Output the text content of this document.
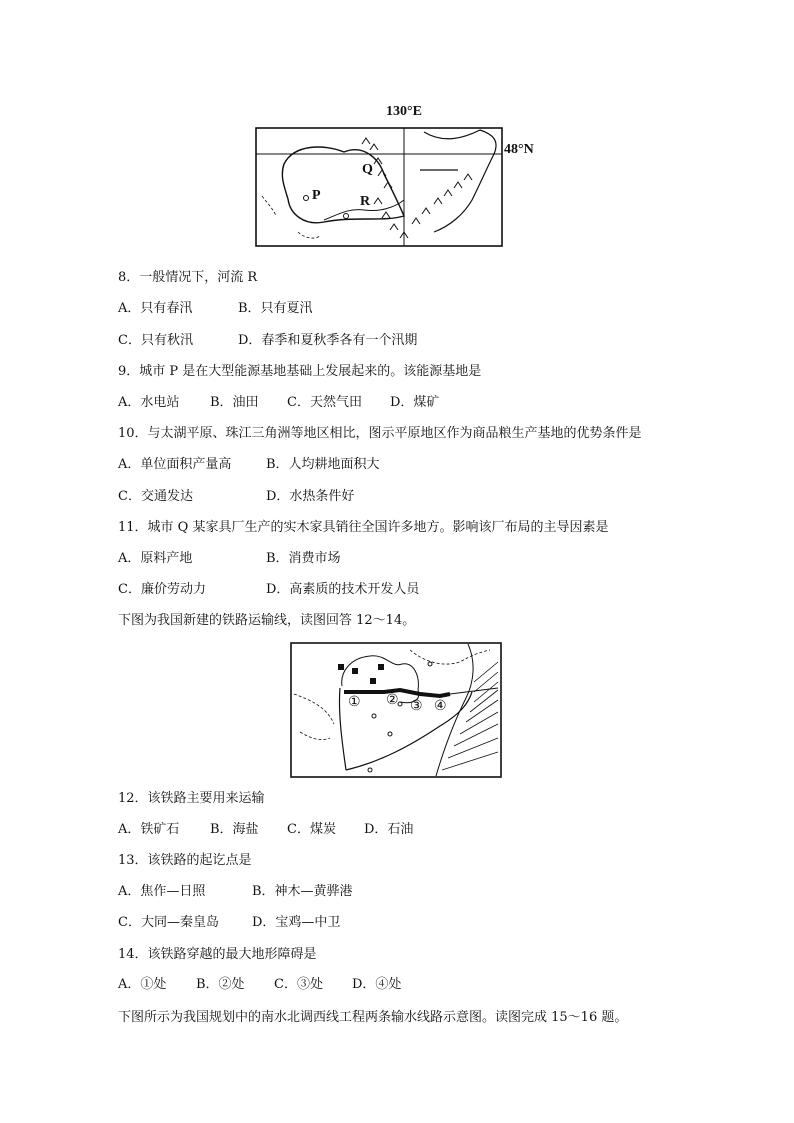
130°E
48°N
P
Q
R
8．一般情况下，河流 R
A．只有春汛	B．只有夏汛
C．只有秋汛	D．春季和夏秋季各有一个汛期
9．城市 P 是在大型能源基地基础上发展起来的。该能源基地是
A．水电站 B．油田 C．天然气田 D．煤矿
10．与太湖平原、珠江三角洲等地区相比，图示平原地区作为商品粮生产基地的优势条件是
A．单位面积产量高	B．人均耕地面积大
C．交通发达	D．水热条件好
11．城市 Q 某家具厂生产的实木家具销往全国许多地方。影响该厂布局的主导因素是
A．原料产地	B．消费市场
C．廉价劳动力	D．高素质的技术开发人员
下图为我国新建的铁路运输线，读图回答 12～14。
① ② ③ ④
12．该铁路主要用来运输
A．铁矿石 B．海盐 C．煤炭 D．石油
13．该铁路的起讫点是
A．焦作—日照	B．神木—黄骅港
C．大同—秦皇岛	D．宝鸡—中卫
14．该铁路穿越的最大地形障碍是
A．①处 B．②处 C．③处 D．④处
下图所示为我国规划中的南水北调西线工程两条输水线路示意图。读图完成 15～16 题。
